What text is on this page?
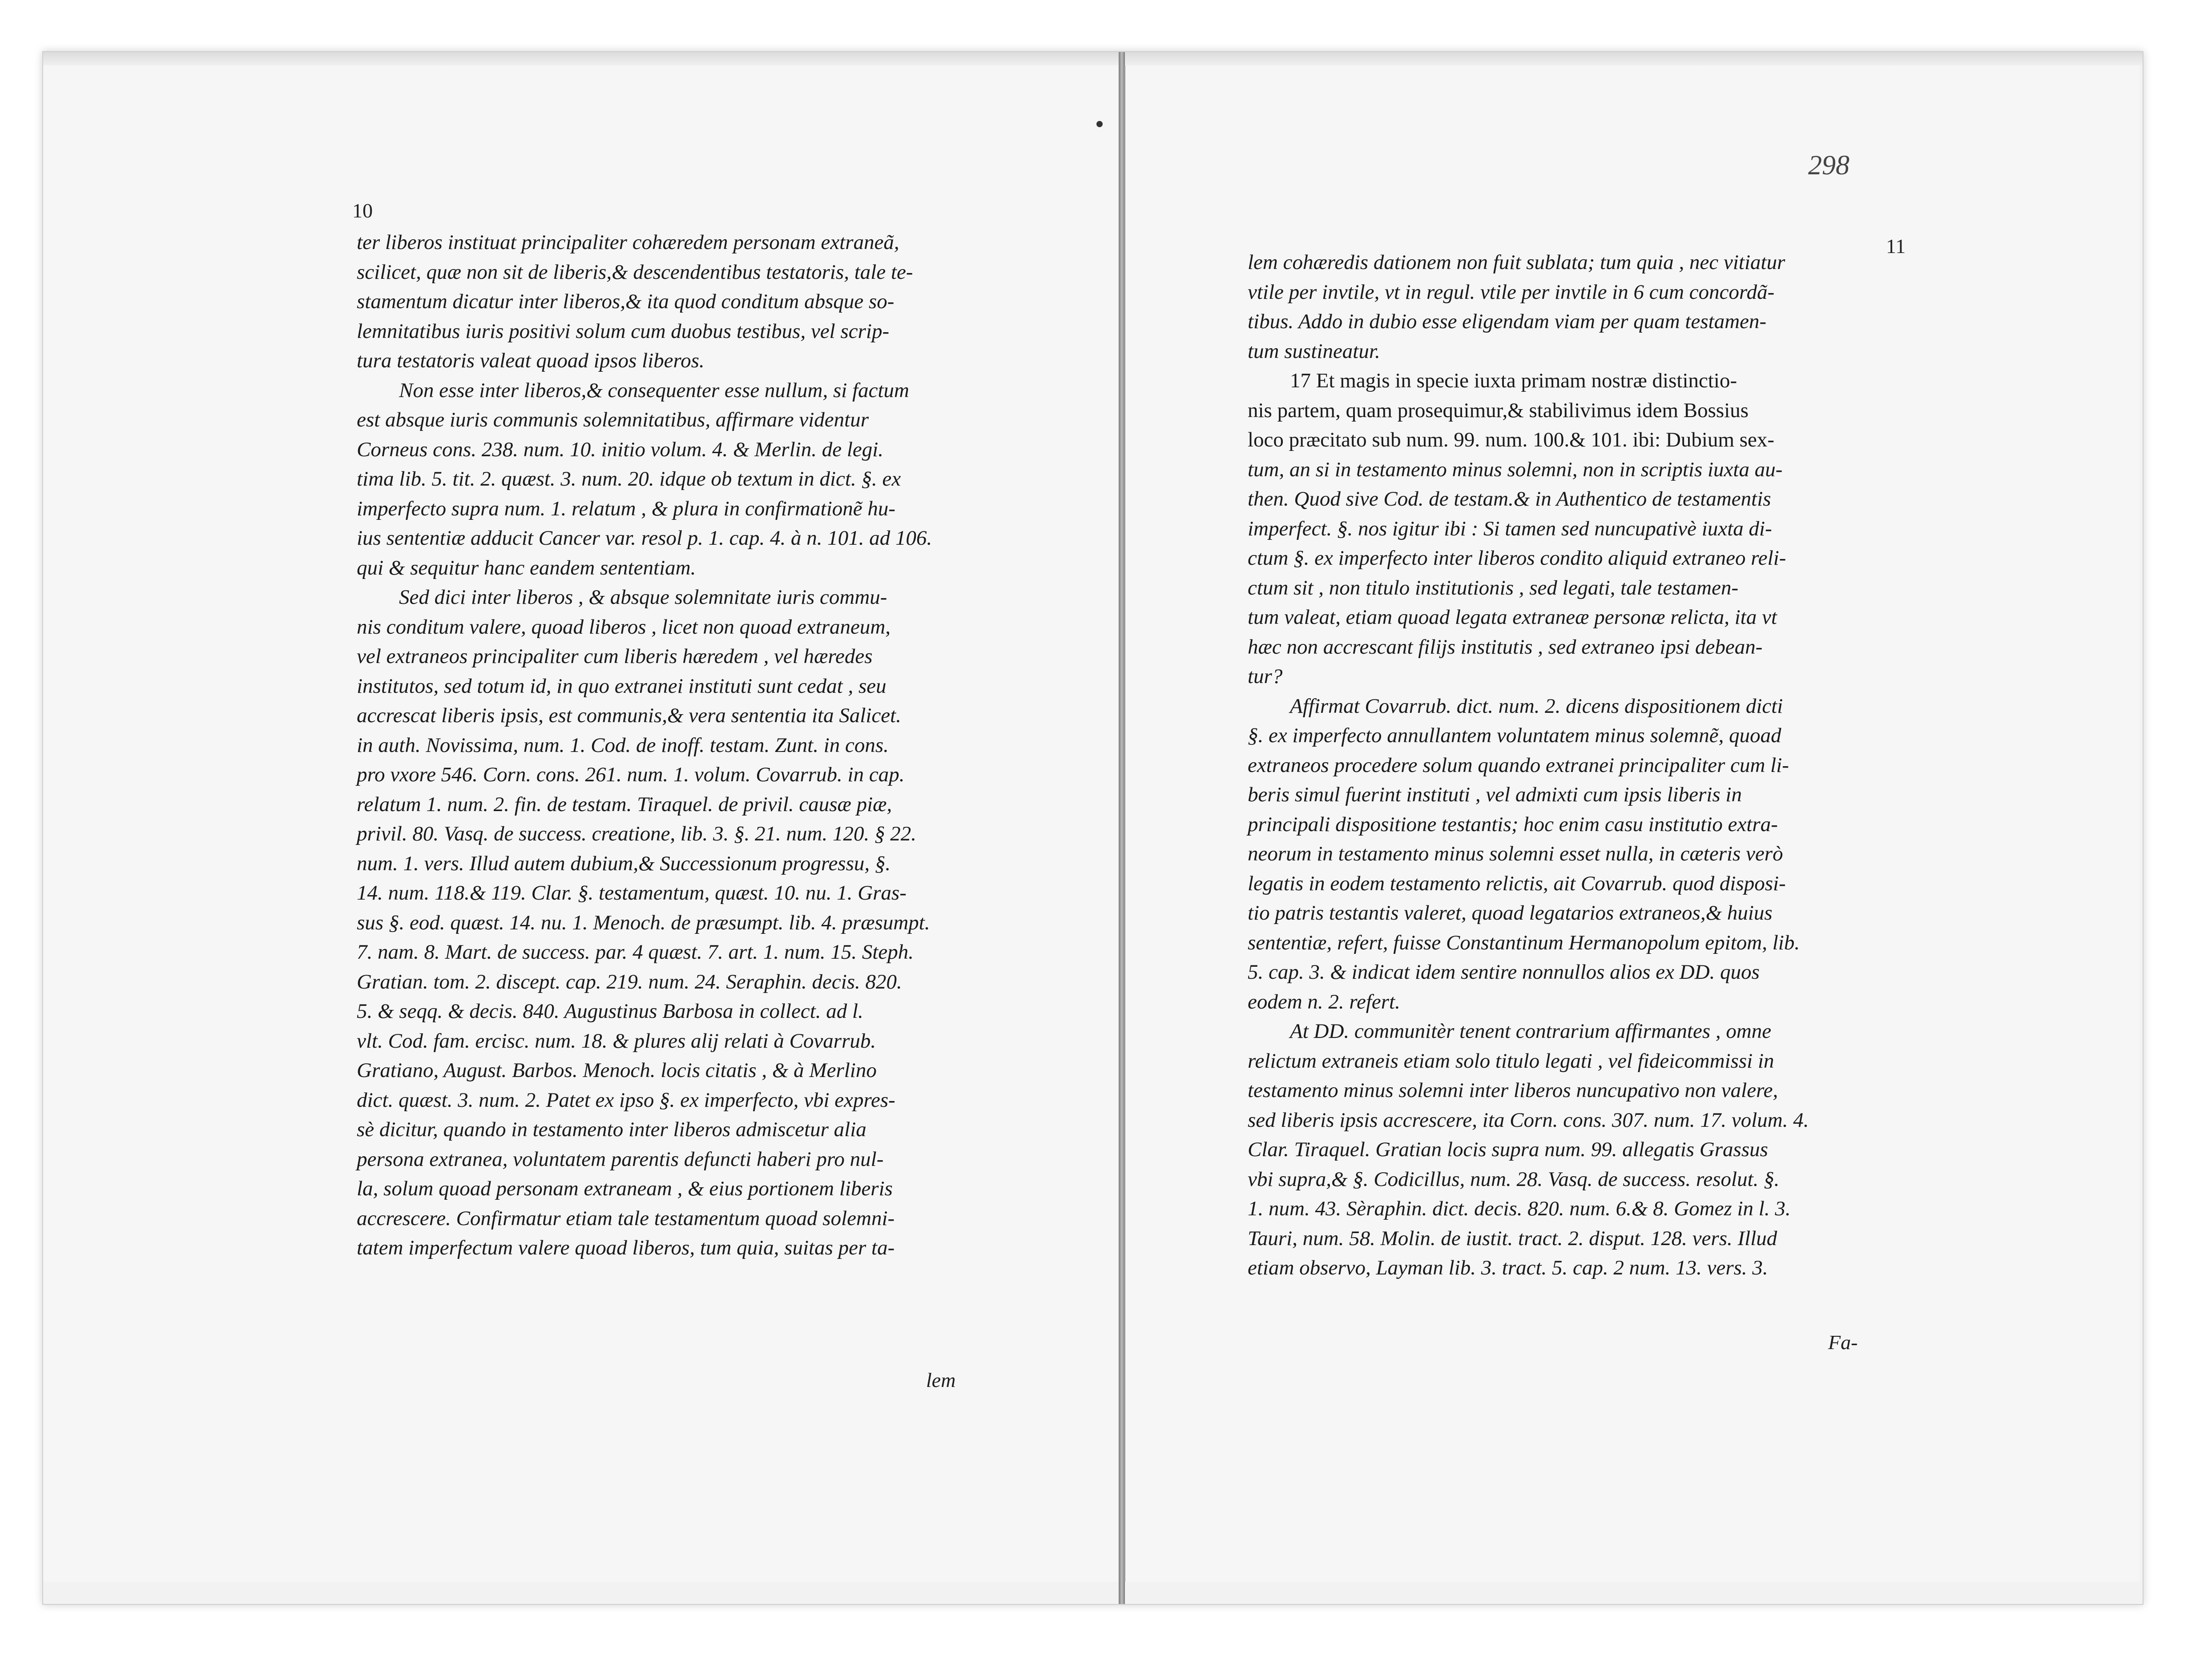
10
ter liberos instituat principaliter cohæredem personam extraneã,
scilicet, quæ non sit de liberis,& descendentibus testatoris, tale te-
stamentum dicatur inter liberos,& ita quod conditum absque so-
lemnitatibus iuris positivi solum cum duobus testibus, vel scrip-
tura testatoris valeat quoad ipsos liberos.
Non esse inter liberos,& consequenter esse nullum, si factum
est absque iuris communis solemnitatibus, affirmare videntur
Corneus cons. 238. num. 10. initio volum. 4. & Merlin. de legi.
tima lib. 5. tit. 2. quæst. 3. num. 20. idque ob textum in dict. §. ex
imperfecto supra num. 1. relatum , & plura in confirmationẽ hu-
ius sententiæ adducit Cancer var. resol p. 1. cap. 4. à n. 101. ad 106.
qui & sequitur hanc eandem sententiam.
Sed dici inter liberos , & absque solemnitate iuris commu-
nis conditum valere, quoad liberos , licet non quoad extraneum,
vel extraneos principaliter cum liberis hæredem , vel hæredes
institutos, sed totum id, in quo extranei instituti sunt cedat , seu
accrescat liberis ipsis, est communis,& vera sententia ita Salicet.
in auth. Novissima, num. 1. Cod. de inoff. testam. Zunt. in cons.
pro vxore 546. Corn. cons. 261. num. 1. volum. Covarrub. in cap.
relatum 1. num. 2. fin. de testam. Tiraquel. de privil. causæ piæ,
privil. 80. Vasq. de success. creatione, lib. 3. §. 21. num. 120. § 22.
num. 1. vers. Illud autem dubium,& Successionum progressu, §.
14. num. 118.& 119. Clar. §. testamentum, quæst. 10. nu. 1. Gras-
sus §. eod. quæst. 14. nu. 1. Menoch. de præsumpt. lib. 4. præsumpt.
7. nam. 8. Mart. de success. par. 4 quæst. 7. art. 1. num. 15. Steph.
Gratian. tom. 2. discept. cap. 219. num. 24. Seraphin. decis. 820.
5. & seqq. & decis. 840. Augustinus Barbosa in collect. ad l.
vlt. Cod. fam. ercisc. num. 18. & plures alij relati à Covarrub.
Gratiano, August. Barbos. Menoch. locis citatis , & à Merlino
dict. quæst. 3. num. 2. Patet ex ipso §. ex imperfecto, vbi expres-
sè dicitur, quando in testamento inter liberos admiscetur alia
persona extranea, voluntatem parentis defuncti haberi pro nul-
la, solum quoad personam extraneam , & eius portionem liberis
accrescere. Confirmatur etiam tale testamentum quoad solemni-
tatem imperfectum valere quoad liberos, tum quia, suitas per ta-
lem
298
11
lem cohæredis dationem non fuit sublata; tum quia , nec vitiatur
vtile per invtile, vt in regul. vtile per invtile in 6 cum concordã-
tibus. Addo in dubio esse eligendam viam per quam testamen-
tum sustineatur.
17 Et magis in specie iuxta primam nostræ distinctio-
nis partem, quam prosequimur,& stabilivimus idem Bossius
loco præcitato sub num. 99. num. 100.& 101. ibi: Dubium sex-
tum, an si in testamento minus solemni, non in scriptis iuxta au-
then. Quod sive Cod. de testam.& in Authentico de testamentis
imperfect. §. nos igitur ibi : Si tamen sed nuncupativè iuxta di-
ctum §. ex imperfecto inter liberos condito aliquid extraneo reli-
ctum sit , non titulo institutionis , sed legati, tale testamen-
tum valeat, etiam quoad legata extraneæ personæ relicta, ita vt
hæc non accrescant filijs institutis , sed extraneo ipsi debean-
tur?
Affirmat Covarrub. dict. num. 2. dicens dispositionem dicti
§. ex imperfecto annullantem voluntatem minus solemnẽ, quoad
extraneos procedere solum quando extranei principaliter cum li-
beris simul fuerint instituti , vel admixti cum ipsis liberis in
principali dispositione testantis; hoc enim casu institutio extra-
neorum in testamento minus solemni esset nulla, in cæteris verò
legatis in eodem testamento relictis, ait Covarrub. quod disposi-
tio patris testantis valeret, quoad legatarios extraneos,& huius
sententiæ, refert, fuisse Constantinum Hermanopolum epitom, lib.
5. cap. 3. & indicat idem sentire nonnullos alios ex DD. quos
eodem n. 2. refert.
At DD. communitèr tenent contrarium affirmantes , omne
relictum extraneis etiam solo titulo legati , vel fideicommissi in
testamento minus solemni inter liberos nuncupativo non valere,
sed liberis ipsis accrescere, ita Corn. cons. 307. num. 17. volum. 4.
Clar. Tiraquel. Gratian locis supra num. 99. allegatis Grassus
vbi supra,& §. Codicillus, num. 28. Vasq. de success. resolut. §.
1. num. 43. Sèraphin. dict. decis. 820. num. 6.& 8. Gomez in l. 3.
Tauri, num. 58. Molin. de iustit. tract. 2. disput. 128. vers. Illud
etiam observo, Layman lib. 3. tract. 5. cap. 2 num. 13. vers. 3.
Fa-
